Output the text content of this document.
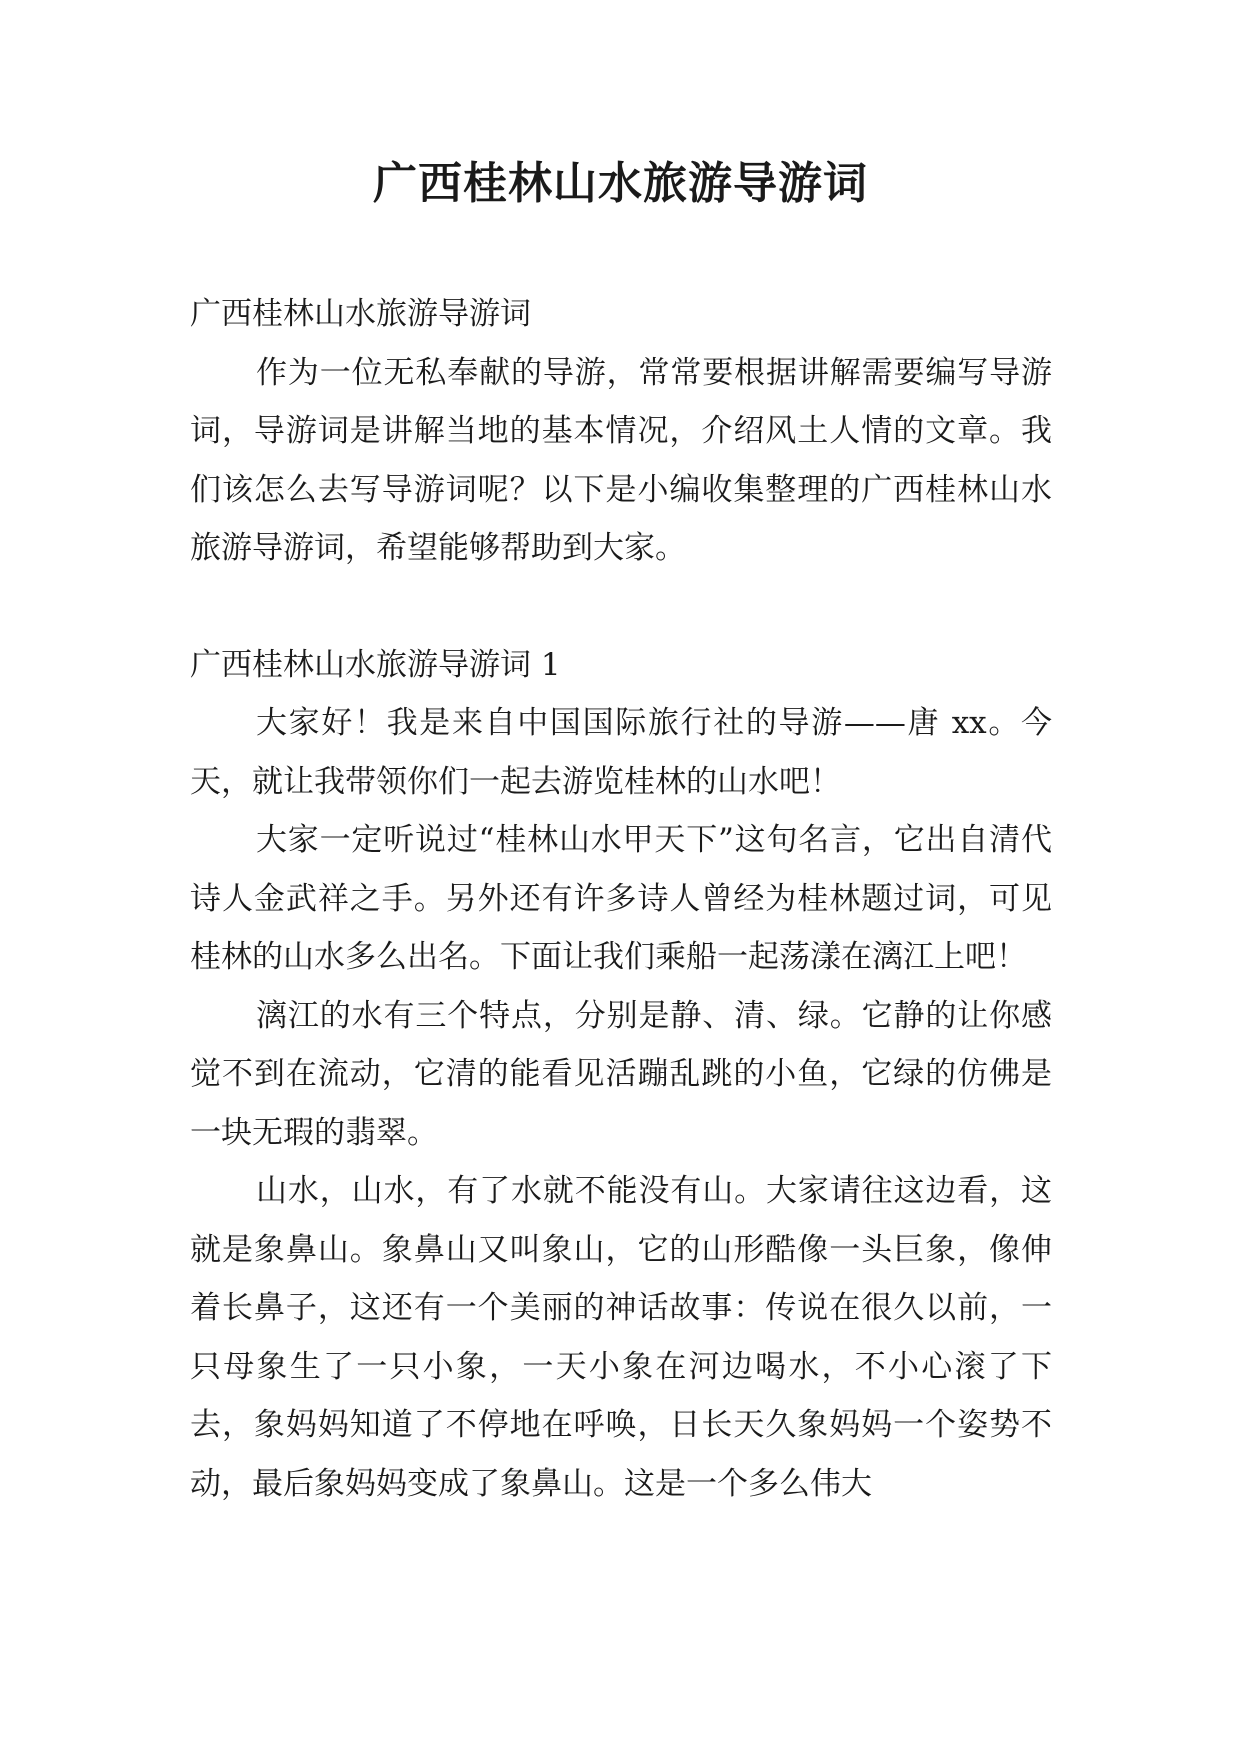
广西桂林山水旅游导游词

广西桂林山水旅游导游词

作为一位无私奉献的导游，常常要根据讲解需要编写导游词，导游词是讲解当地的基本情况，介绍风土人情的文章。我们该怎么去写导游词呢？以下是小编收集整理的广西桂林山水旅游导游词，希望能够帮助到大家。

广西桂林山水旅游导游词 1

大家好！我是来自中国国际旅行社的导游——唐 xx。今天，就让我带领你们一起去游览桂林的山水吧！

大家一定听说过“桂林山水甲天下”这句名言，它出自清代诗人金武祥之手。另外还有许多诗人曾经为桂林题过词，可见桂林的山水多么出名。下面让我们乘船一起荡漾在漓江上吧！

漓江的水有三个特点，分别是静、清、绿。它静的让你感觉不到在流动，它清的能看见活蹦乱跳的小鱼，它绿的仿佛是一块无瑕的翡翠。

山水，山水，有了水就不能没有山。大家请往这边看，这就是象鼻山。象鼻山又叫象山，它的山形酷像一头巨象，像伸着长鼻子，这还有一个美丽的神话故事：传说在很久以前，一只母象生了一只小象，一天小象在河边喝水，不小心滚了下去，象妈妈知道了不停地在呼唤，日长天久象妈妈一个姿势不动，最后象妈妈变成了象鼻山。这是一个多么伟大
